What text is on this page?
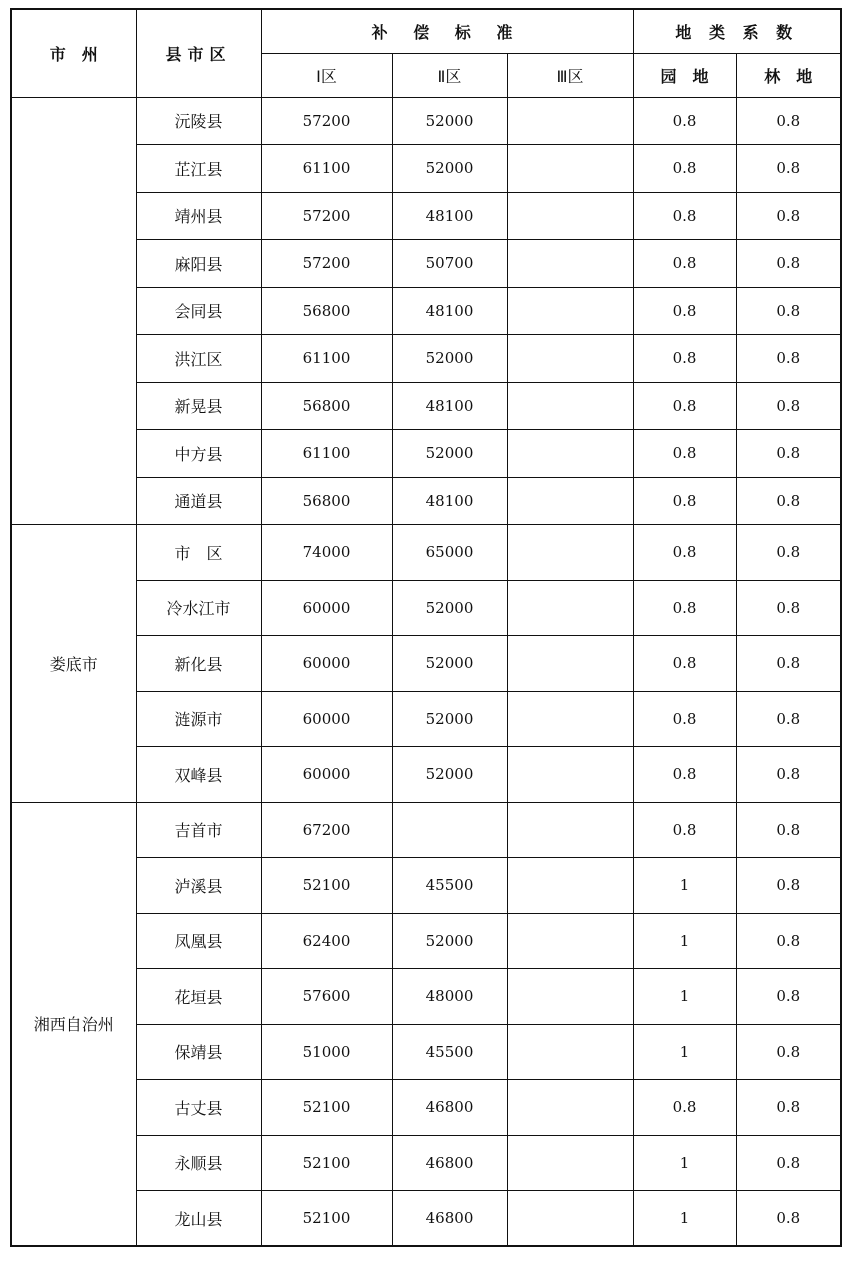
市　州	县市区	补 偿 标 准			地 类 系 数	
		Ⅰ区	Ⅱ区	Ⅲ区	园　地	林　地
	沅陵县	57200	52000		0.8	0.8
	芷江县	61100	52000		0.8	0.8
	靖州县	57200	48100		0.8	0.8
	麻阳县	57200	50700		0.8	0.8
	会同县	56800	48100		0.8	0.8
	洪江区	61100	52000		0.8	0.8
	新晃县	56800	48100		0.8	0.8
	中方县	61100	52000		0.8	0.8
	通道县	56800	48100		0.8	0.8
娄底市	市　区	74000	65000		0.8	0.8
	冷水江市	60000	52000		0.8	0.8
	新化县	60000	52000		0.8	0.8
	涟源市	60000	52000		0.8	0.8
	双峰县	60000	52000		0.8	0.8
湘西自治州	吉首市	67200			0.8	0.8
	泸溪县	52100	45500		1	0.8
	凤凰县	62400	52000		1	0.8
	花垣县	57600	48000		1	0.8
	保靖县	51000	45500		1	0.8
	古丈县	52100	46800		0.8	0.8
	永顺县	52100	46800		1	0.8
	龙山县	52100	46800		1	0.8
